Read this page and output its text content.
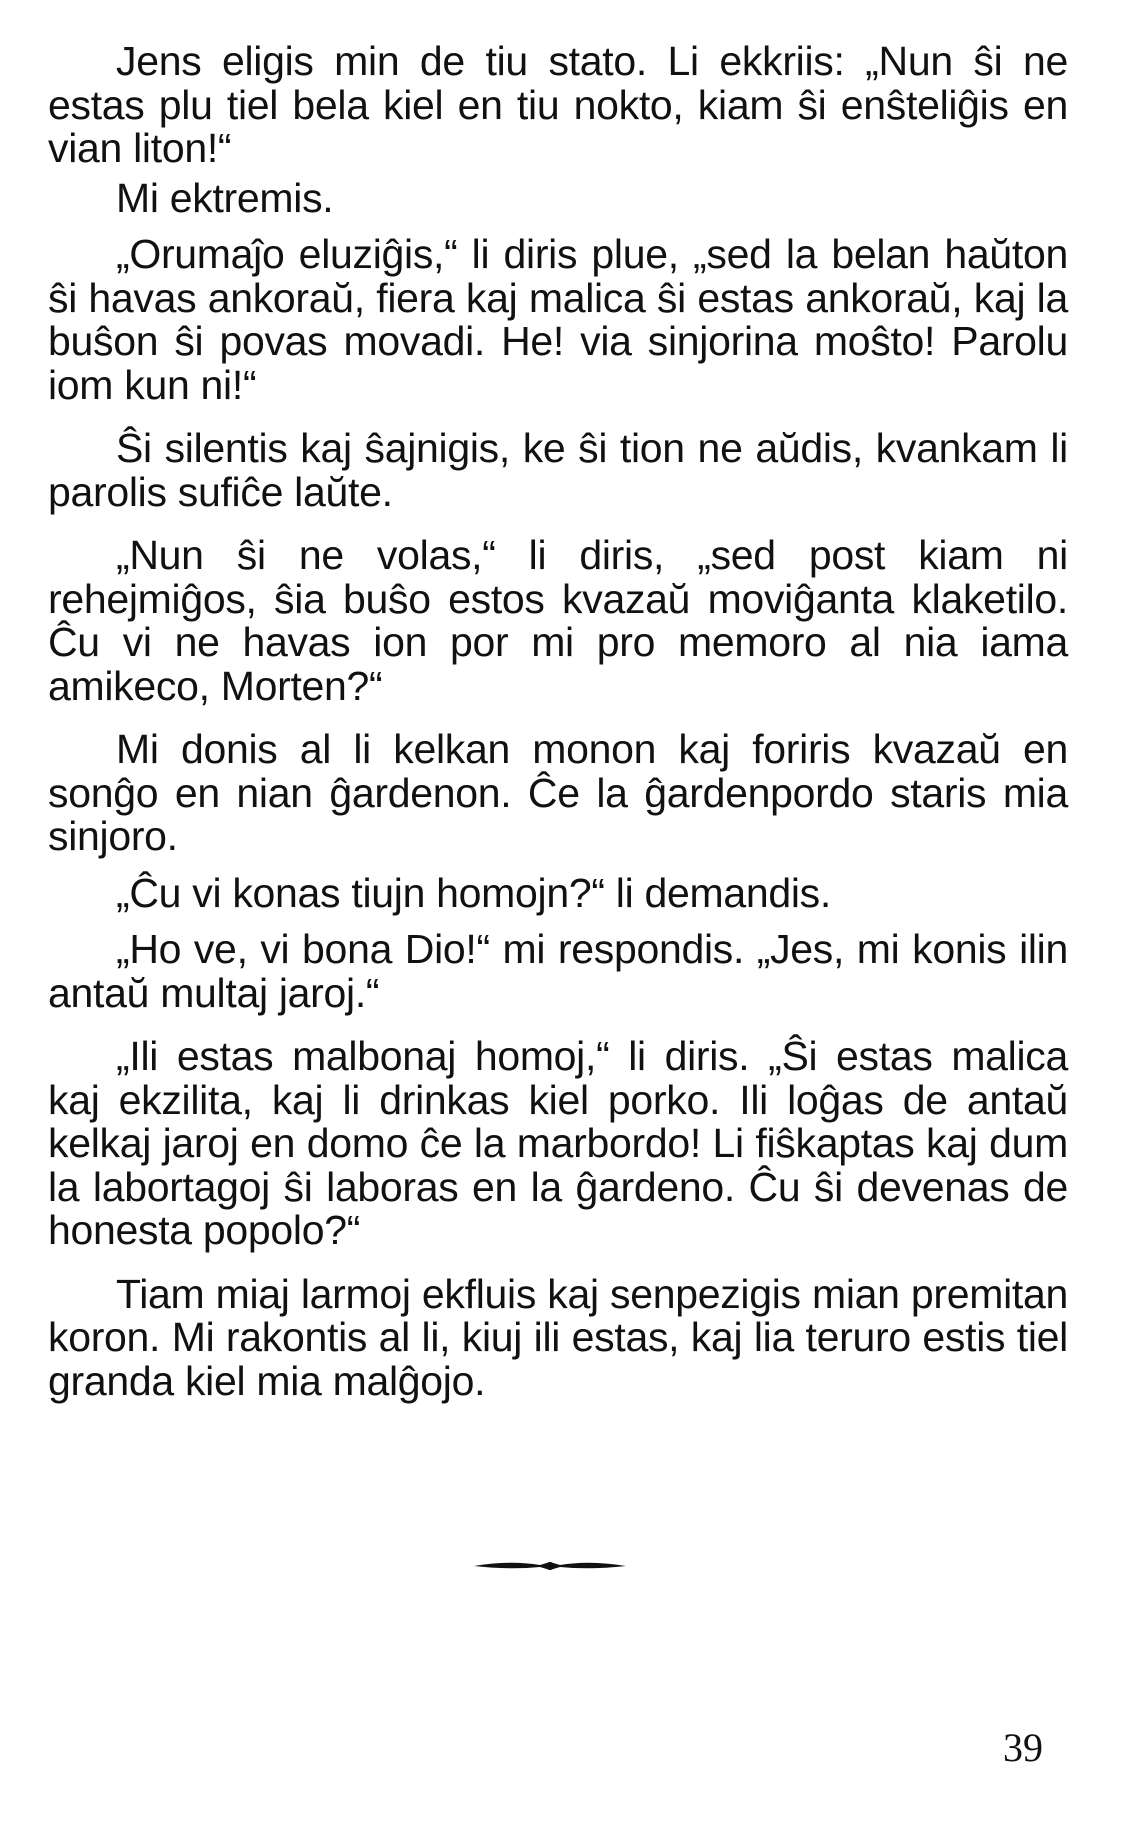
Jens eligis min de tiu stato. Li ekkriis: „Nun ŝi ne estas plu tiel bela kiel en tiu nokto, kiam ŝi enŝteliĝis en vian liton!“

Mi ektremis.

„Orumaĵo eluziĝis,“ li diris plue, „sed la belan haŭton ŝi havas ankoraŭ, fiera kaj malica ŝi estas ankoraŭ, kaj la buŝon ŝi povas movadi. He! via sinjorina moŝto! Parolu iom kun ni!“

Ŝi silentis kaj ŝajnigis, ke ŝi tion ne aŭdis, kvankam li parolis sufiĉe laŭte.

„Nun ŝi ne volas,“ li diris, „sed post kiam ni rehejmiĝos, ŝia buŝo estos kvazaŭ moviĝanta klaketilo. Ĉu vi ne havas ion por mi pro memoro al nia iama amikeco, Morten?“

Mi donis al li kelkan monon kaj foriris kvazaŭ en sonĝo en nian ĝardenon. Ĉe la ĝardenpordo staris mia sinjoro.

„Ĉu vi konas tiujn homojn?“ li demandis.

„Ho ve, vi bona Dio!“ mi respondis. „Jes, mi konis ilin antaŭ multaj jaroj.“

„Ili estas malbonaj homoj,“ li diris. „Ŝi estas malica kaj ekzilita, kaj li drinkas kiel porko. Ili loĝas de antaŭ kelkaj jaroj en domo ĉe la marbordo! Li fiŝkaptas kaj dum la labortagoj ŝi laboras en la ĝardeno. Ĉu ŝi devenas de honesta popolo?“

Tiam miaj larmoj ekfluis kaj senpezigis mian premitan koron. Mi rakontis al li, kiuj ili estas, kaj lia teruro estis tiel granda kiel mia malĝojo.

39
